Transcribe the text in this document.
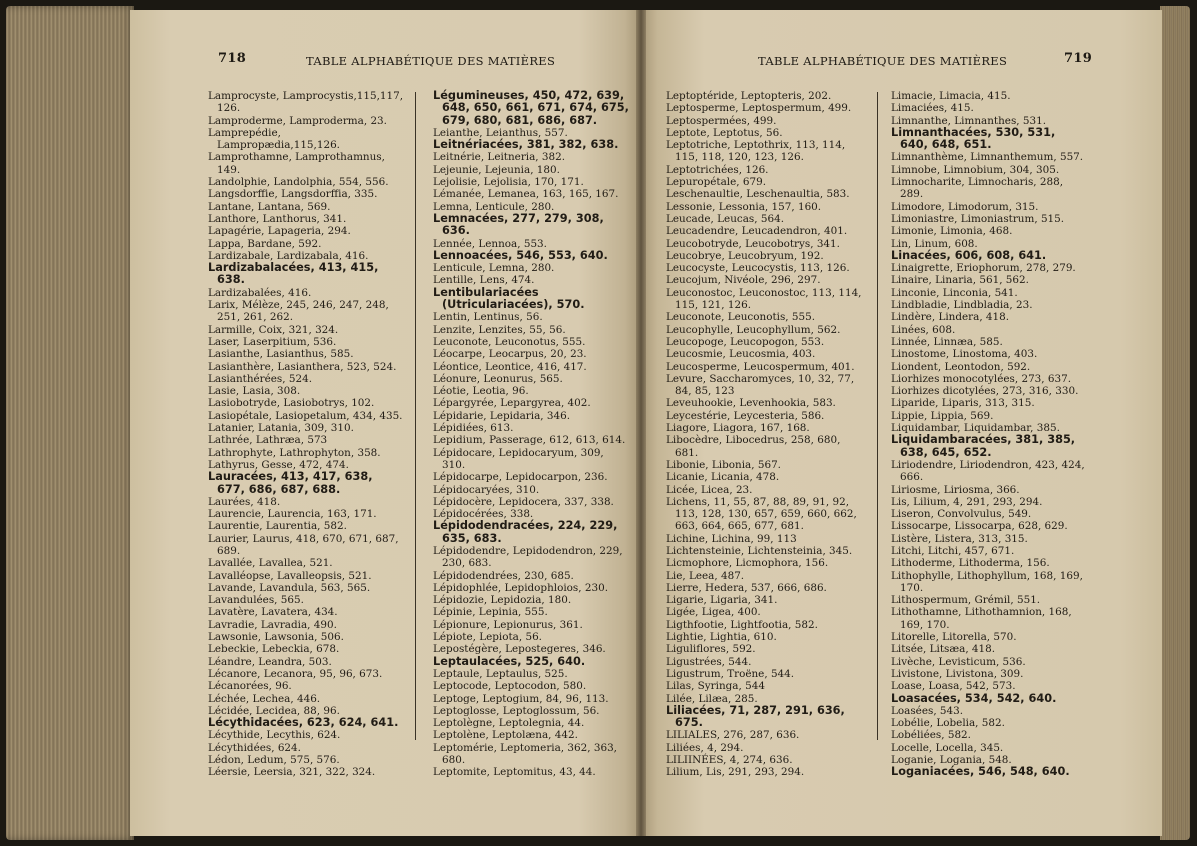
718	TABLE ALPHABÉTIQUE DES MATIÈRES	TABLE ALPHABÉTIQUE DES MATIÈRES	719
Lamprocyste, Lamprocystis,115,117, 126.
Lamproderme, Lamproderma, 23.
Lamprepédie, Lampropædia,115,126.
Lamprothamne, Lamprothamnus, 149.
Landolphie, Landolphia, 554, 556.
Langsdorffie, Langsdorffia, 335.
Lantane, Lantana, 569.
Lanthore, Lanthorus, 341.
Lapagérie, Lapageria, 294.
Lappa, Bardane, 592.
Lardizabale, Lardizabala, 416.
Lardizabalacées, 413, 415, 638.
Lardizabalées, 416.
Larix, Mélèze, 245, 246, 247, 248, 251, 261, 262.
Larmille, Coix, 321, 324.
Laser, Laserpitium, 536.
Lasianthe, Lasianthus, 585.
Lasianthère, Lasianthera, 523, 524.
Lasianthérées, 524.
Lasie, Lasia, 308.
Lasiobotryde, Lasiobotrys, 102.
Lasiopétale, Lasiopetalum, 434, 435.
Latanier, Latania, 309, 310.
Lathrée, Lathræa, 573
Lathrophyte, Lathrophyton, 358.
Lathyrus, Gesse, 472, 474.
Lauracées, 413, 417, 638, 677, 686, 687, 688.
Laurées, 418.
Laurencie, Laurencia, 163, 171.
Laurentie, Laurentia, 582.
Laurier, Laurus, 418, 670, 671, 687, 689.
Lavallée, Lavallea, 521.
Lavalléopse, Lavalleopsis, 521.
Lavande, Lavandula, 563, 565.
Lavandulées, 565.
Lavatère, Lavatera, 434.
Lavradie, Lavradia, 490.
Lawsonie, Lawsonia, 506.
Lebeckie, Lebeckia, 678.
Léandre, Leandra, 503.
Lécanore, Lecanora, 95, 96, 673.
Lécanorées, 96.
Léchée, Lechea, 446.
Lécidée, Lecidea, 88, 96.
Lécythidacées, 623, 624, 641.
Lécythide, Lecythis, 624.
Lécythidées, 624.
Lédon, Ledum, 575, 576.
Léersie, Leersia, 321, 322, 324.
Légumineuses, 450, 472, 639, 648, 650, 661, 671, 674, 675, 679, 680, 681, 686, 687.
Leianthe, Leianthus, 557.
Leitnériacées, 381, 382, 638.
Leitnérie, Leitneria, 382.
Lejeunie, Lejeunia, 180.
Lejolisie, Lejolisia, 170, 171.
Lémanée, Lemanea, 163, 165, 167.
Lemna, Lenticule, 280.
Lemnacées, 277, 279, 308, 636.
Lennée, Lennoa, 553.
Lennoacées, 546, 553, 640.
Lenticule, Lemna, 280.
Lentille, Lens, 474.
Lentibulariacées (Utriculariacées), 570.
Lentin, Lentinus, 56.
Lenzite, Lenzites, 55, 56.
Leuconote, Leuconotus, 555.
Léocarpe, Leocarpus, 20, 23.
Léontice, Leontice, 416, 417.
Léonure, Leonurus, 565.
Léotie, Leotia, 96.
Lépargyrée, Lepargyrea, 402.
Lépidarie, Lepidaria, 346.
Lépidiées, 613.
Lepidium, Passerage, 612, 613, 614.
Lépidocare, Lepidocaryum, 309, 310.
Lépidocarpe, Lepidocarpon, 236.
Lépidocaryées, 310.
Lépidocère, Lepidocera, 337, 338.
Lépidocérées, 338.
Lépidodendracées, 224, 229, 635, 683.
Lépidodendre, Lepidodendron, 229, 230, 683.
Lépidodendrées, 230, 685.
Lépidophlée, Lepidophloios, 230.
Lépidozie, Lepidozia, 180.
Lépinie, Lepinia, 555.
Lépionure, Lepionurus, 361.
Lépiote, Lepiota, 56.
Lepostégère, Lepostegeres, 346.
Leptaulacées, 525, 640.
Leptaule, Leptaulus, 525.
Leptocode, Leptocodon, 580.
Leptoge, Leptogium, 84, 96, 113.
Leptoglosse, Leptoglossum, 56.
Leptolègne, Leptolegnia, 44.
Leptolène, Leptolæna, 442.
Leptomérie, Leptomeria, 362, 363, 680.
Leptomite, Leptomitus, 43, 44.
Leptoptéride, Leptopteris, 202.
Leptosperme, Leptospermum, 499.
Leptospermées, 499.
Leptote, Leptotus, 56.
Leptotriche, Leptothrix, 113, 114, 115, 118, 120, 123, 126.
Leptotrichées, 126.
Lepuropétale, 679.
Leschenaultie, Leschenaultia, 583.
Lessonie, Lessonia, 157, 160.
Leucade, Leucas, 564.
Leucadendre, Leucadendron, 401.
Leucobotryde, Leucobotrys, 341.
Leucobrye, Leucobryum, 192.
Leucocyste, Leucocystis, 113, 126.
Leucojum, Nivéole, 296, 297.
Leuconostoc, Leuconostoc, 113, 114, 115, 121, 126.
Leuconote, Leuconotis, 555.
Leucophylle, Leucophyllum, 562.
Leucopoge, Leucopogon, 553.
Leucosmie, Leucosmia, 403.
Leucosperme, Leucospermum, 401.
Levure, Saccharomyces, 10, 32, 77, 84, 85, 123
Leveuhookie, Levenhookia, 583.
Leycestérie, Leycesteria, 586.
Liagore, Liagora, 167, 168.
Libocèdre, Libocedrus, 258, 680, 681.
Libonie, Libonia, 567.
Licanie, Licania, 478.
Licée, Licea, 23.
Lichens, 11, 55, 87, 88, 89, 91, 92, 113, 128, 130, 657, 659, 660, 662, 663, 664, 665, 677, 681.
Lichine, Lichina, 99, 113
Lichtensteinie, Lichtensteinia, 345.
Licmophore, Licmophora, 156.
Lie, Leea, 487.
Lierre, Hedera, 537, 666, 686.
Ligarie, Ligaria, 341.
Ligée, Ligea, 400.
Ligthfootie, Lightfootia, 582.
Lightie, Lightia, 610.
Liguliflores, 592.
Ligustrées, 544.
Ligustrum, Troëne, 544.
Lilas, Syringa, 544
Lilée, Lilæa, 285.
Liliacées, 71, 287, 291, 636, 675.
LILIALES, 276, 287, 636.
Liliées, 4, 294.
LILIINÉES, 4, 274, 636.
Lilium, Lis, 291, 293, 294.
Limacie, Limacia, 415.
Limaciées, 415.
Limnanthe, Limnanthes, 531.
Limnanthacées, 530, 531, 640, 648, 651.
Limnanthème, Limnanthemum, 557.
Limnobe, Limnobium, 304, 305.
Limnocharite, Limnocharis, 288, 289.
Limodore, Limodorum, 315.
Limoniastre, Limoniastrum, 515.
Limonie, Limonia, 468.
Lin, Linum, 608.
Linacées, 606, 608, 641.
Linaigrette, Eriophorum, 278, 279.
Linaire, Linaria, 561, 562.
Linconie, Linconia, 541.
Lindbladie, Lindbladia, 23.
Lindère, Lindera, 418.
Linées, 608.
Linnée, Linnæa, 585.
Linostome, Linostoma, 403.
Liondent, Leontodon, 592.
Liorhizes monocotylées, 273, 637.
Liorhizes dicotylées, 273, 316, 330.
Liparide, Liparis, 313, 315.
Lippie, Lippia, 569.
Liquidambar, Liquidambar, 385.
Liquidambaracées, 381, 385, 638, 645, 652.
Liriodendre, Liriodendron, 423, 424, 666.
Liriosme, Liriosma, 366.
Lis, Lilium, 4, 291, 293, 294.
Liseron, Convolvulus, 549.
Lissocarpe, Lissocarpa, 628, 629.
Listère, Listera, 313, 315.
Litchi, Litchi, 457, 671.
Lithoderme, Lithoderma, 156.
Lithophylle, Lithophyllum, 168, 169, 170.
Lithospermum, Grémil, 551.
Lithothamne, Lithothamnion, 168, 169, 170.
Litorelle, Litorella, 570.
Litsée, Litsæa, 418.
Livèche, Levisticum, 536.
Livistone, Livistona, 309.
Loase, Loasa, 542, 573.
Loasacées, 534, 542, 640.
Loasées, 543.
Lobélie, Lobelia, 582.
Lobéliées, 582.
Locelle, Locella, 345.
Loganie, Logania, 548.
Loganiacées, 546, 548, 640.
